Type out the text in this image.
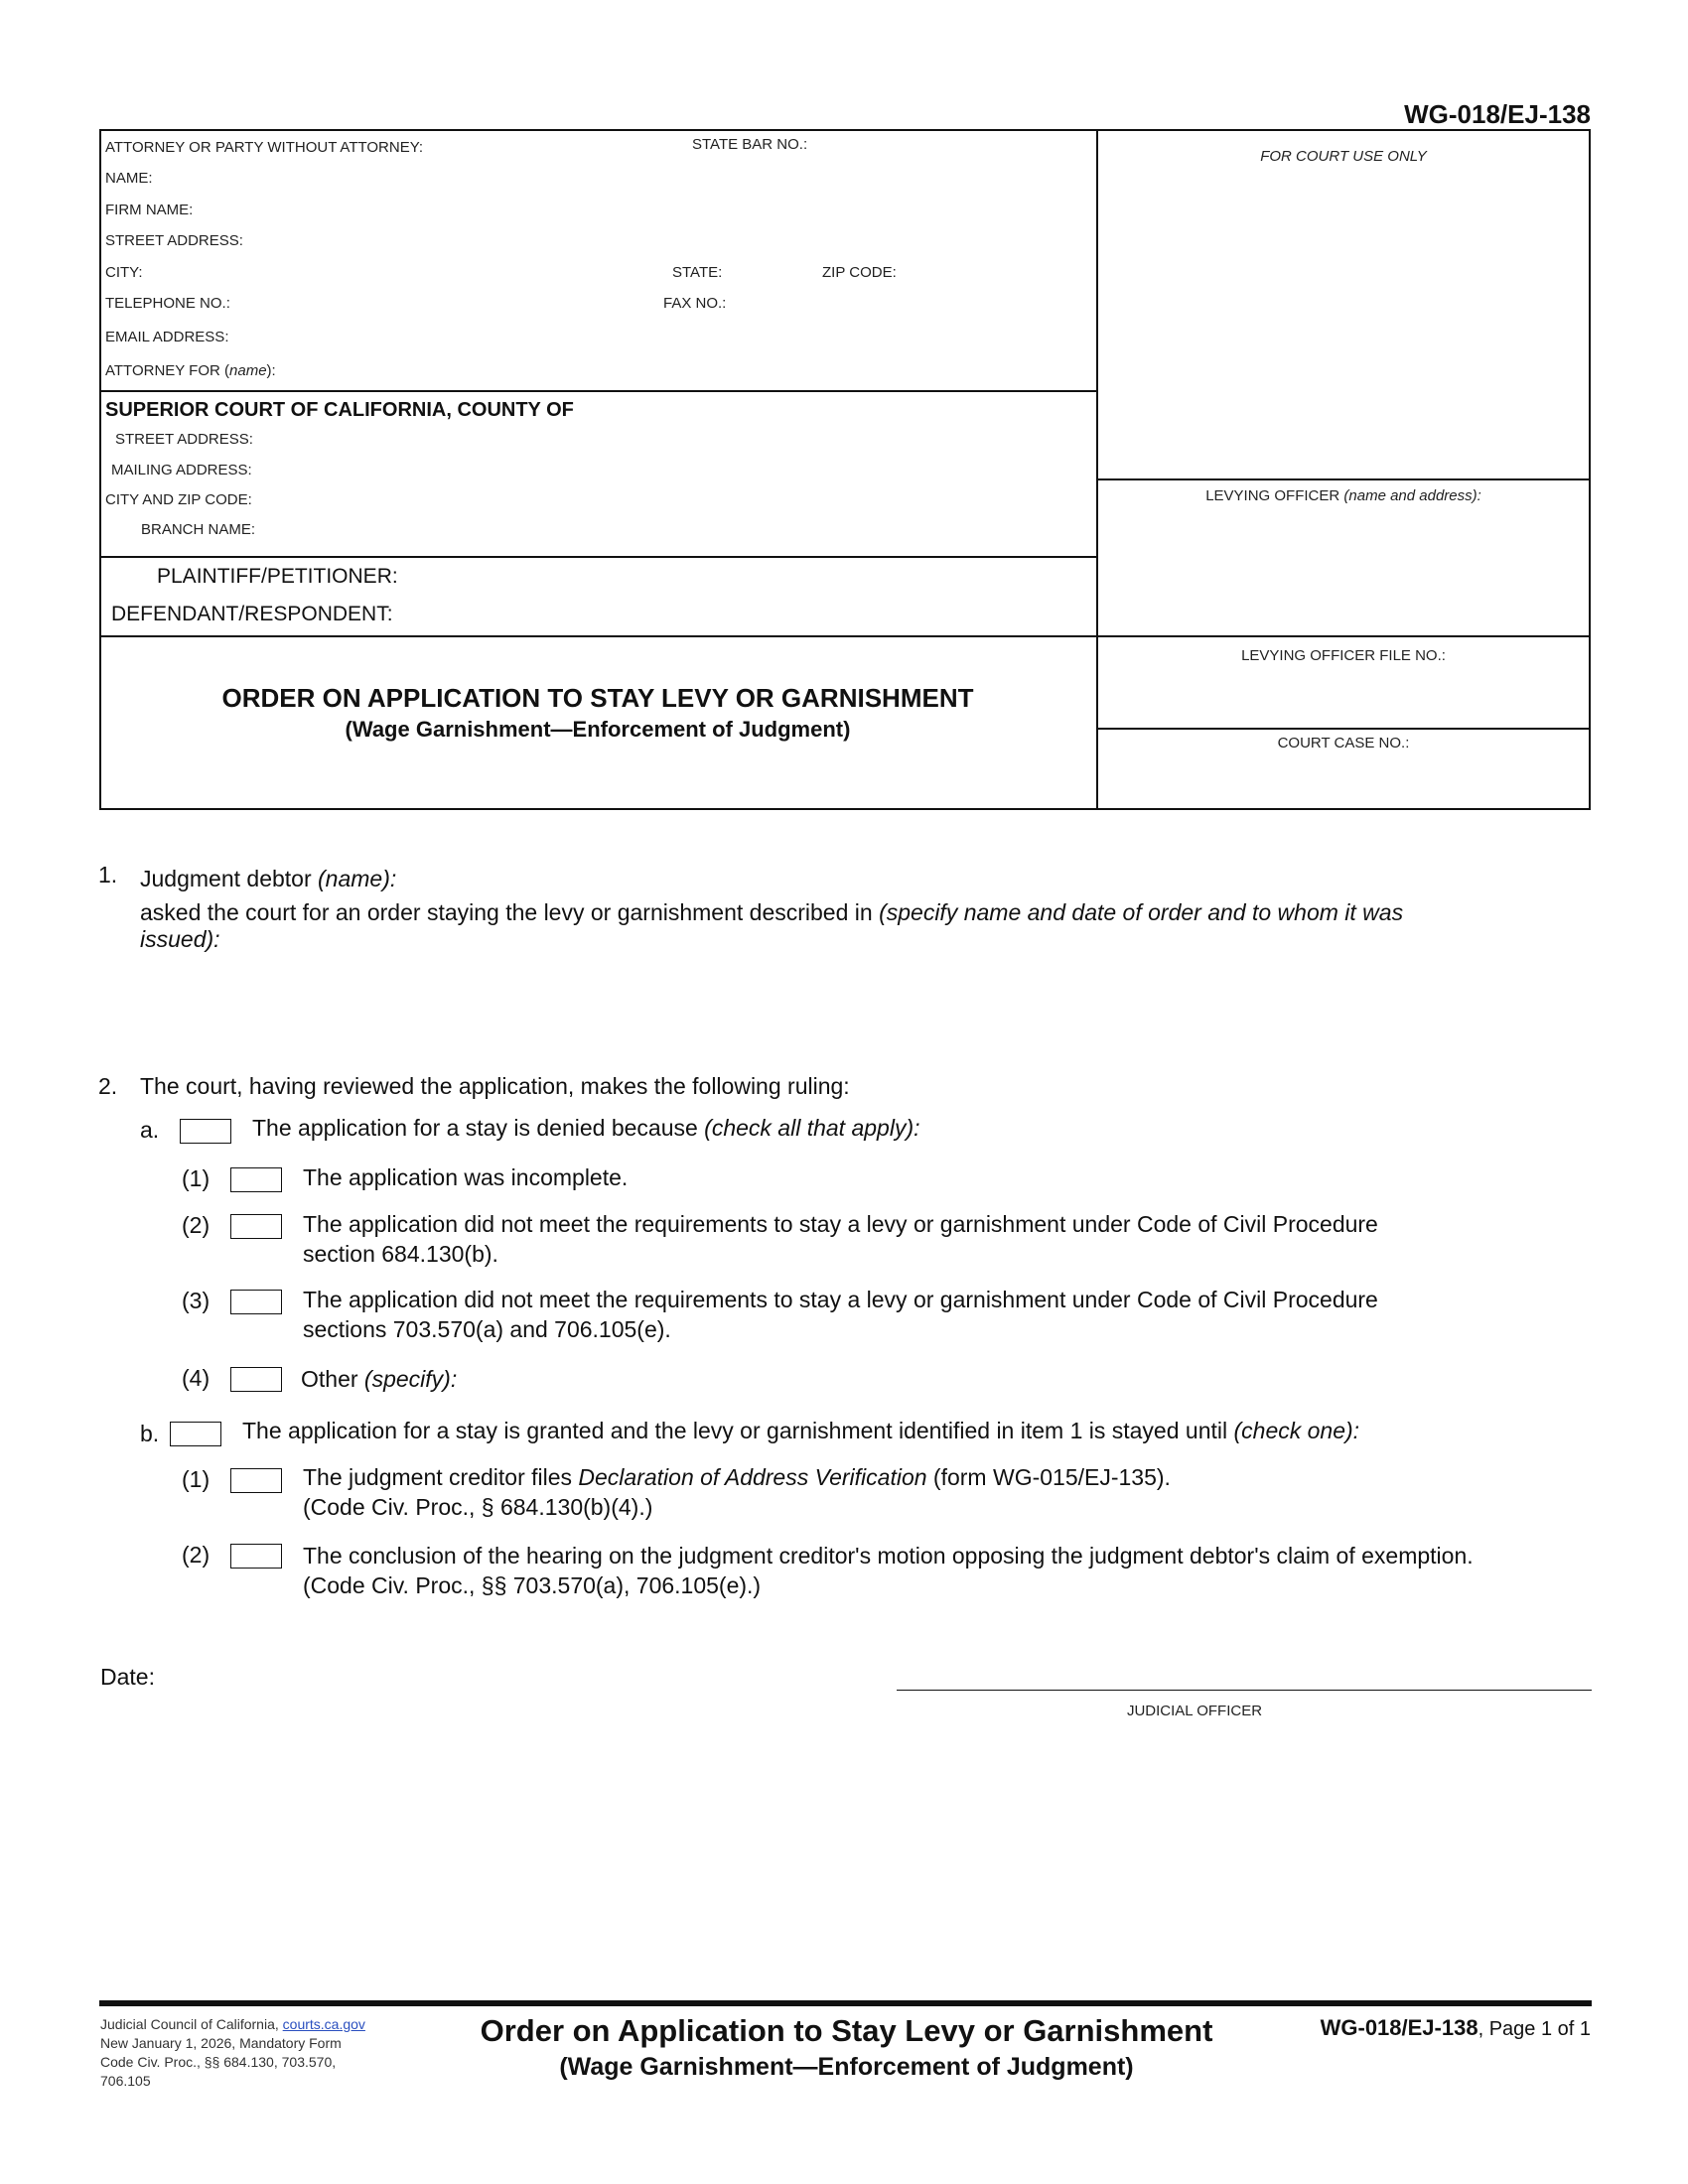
WG-018/EJ-138
ATTORNEY OR PARTY WITHOUT ATTORNEY:	STATE BAR NO.:
NAME:
FIRM NAME:
STREET ADDRESS:
CITY:	STATE:	ZIP CODE:
TELEPHONE NO.:	FAX NO.:
EMAIL ADDRESS:
ATTORNEY FOR (name):
SUPERIOR COURT OF CALIFORNIA, COUNTY OF
STREET ADDRESS:
MAILING ADDRESS:
CITY AND ZIP CODE:
BRANCH NAME:
PLAINTIFF/PETITIONER:
DEFENDANT/RESPONDENT:
FOR COURT USE ONLY
LEVYING OFFICER (name and address):
LEVYING OFFICER FILE NO.:
COURT CASE NO.:
ORDER ON APPLICATION TO STAY LEVY OR GARNISHMENT
(Wage Garnishment—Enforcement of Judgment)
1. Judgment debtor (name):
asked the court for an order staying the levy or garnishment described in (specify name and date of order and to whom it was
issued):
2. The court, having reviewed the application, makes the following ruling:
a.	The application for a stay is denied because (check all that apply):
(1)	The application was incomplete.
(2)	The application did not meet the requirements to stay a levy or garnishment under Code of Civil Procedure
section 684.130(b).
(3)	The application did not meet the requirements to stay a levy or garnishment under Code of Civil Procedure
sections 703.570(a) and 706.105(e).
(4)	Other (specify):
b.	The application for a stay is granted and the levy or garnishment identified in item 1 is stayed until (check one):
(1)	The judgment creditor files Declaration of Address Verification (form WG-015/EJ-135).
(Code Civ. Proc., § 684.130(b)(4).)
(2)	The conclusion of the hearing on the judgment creditor's motion opposing the judgment debtor's claim of exemption.
(Code Civ. Proc., §§ 703.570(a), 706.105(e).)
Date:
JUDICIAL OFFICER
Judicial Council of California, courts.ca.gov
New January 1, 2026, Mandatory Form
Code Civ. Proc., §§ 684.130, 703.570,
706.105
Order on Application to Stay Levy or Garnishment
(Wage Garnishment—Enforcement of Judgment)
WG-018/EJ-138, Page 1 of 1
